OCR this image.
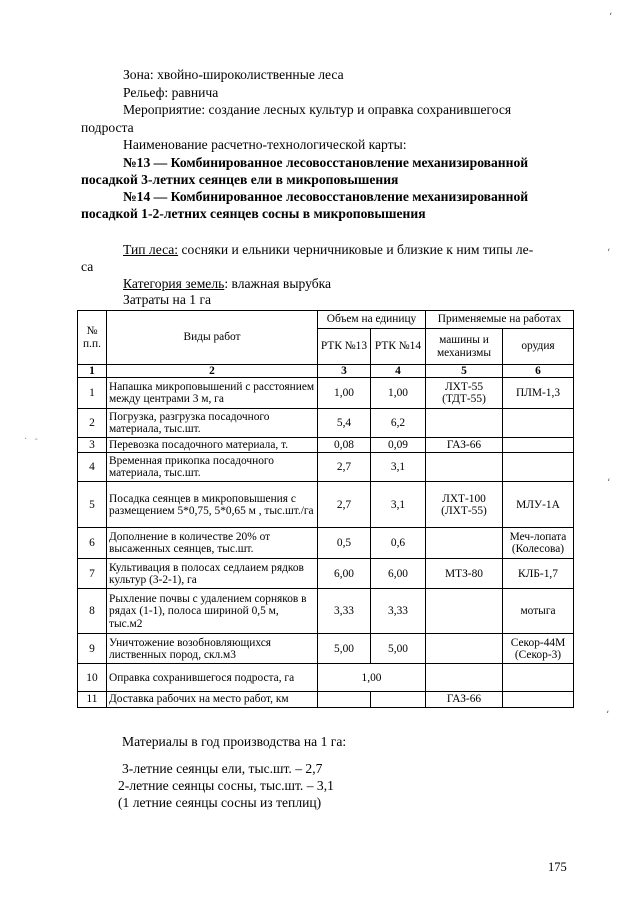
Зона: хвойно-широколиственные леса
Рельеф: равнича
Мероприятие: создание лесных культур и оправка сохранившегося
подроста
Наименование расчетно-технологической карты:
№13 — Комбинированное лесовосстановление механизированной
посадкой 3-летних сеянцев ели в микроповышения
№14 — Комбинированное лесовосстановление механизированной
посадкой 1-2-летних сеянцев сосны в микроповышения
Тип леса: сосняки и ельники черничниковые и близкие к ним типы ле-
са
Категория земель: влажная вырубка
Затраты на 1 га
№ п.п.	Виды работ	Объем на единицу		Применяемые на работах	
		РТК №13	РТК №14	машины и механизмы	орудия
1	2	3	4	5	6
1	Напашка микроповышений с расстоянием между центрами 3 м, га	1,00	1,00	ЛХТ-55 (ТДТ-55)	ПЛМ-1,3
2	Погрузка, разгрузка посадочного материала, тыс.шт.	5,4	6,2		
3	Перевозка посадочного материала, т.	0,08	0,09	ГАЗ-66	
4	Временная прикопка посадочного материала, тыс.шт.	2,7	3,1		
5	Посадка сеянцев в микроповышения с размещением 5*0,75, 5*0,65 м , тыс.шт./га	2,7	3,1	ЛХТ-100 (ЛХТ-55)	МЛУ-1А
6	Дополнение в количестве 20% от высаженных сеянцев, тыс.шт.	0,5	0,6		Меч-лопата (Колесова)
7	Культивация в полосах седлаием рядков культур (3-2-1), га	6,00	6,00	МТЗ-80	КЛБ-1,7
8	Рыхление почвы с удалением сорняков в рядах (1-1), полоса шириной 0,5 м, тыс.м2	3,33	3,33		мотыга
9	Уничтожение возобновляющихся лиственных пород, скл.м3	5,00	5,00		Секор-44М (Секор-3)
10	Оправка сохранившегося подроста, га	1,00			
11	Доставка рабочих на место работ, км			ГАЗ-66	
Материалы в год производства на 1 га:
3-летние сеянцы ели, тыс.шт. – 2,7
2-летние сеянцы сосны, тыс.шт. – 3,1
(1 летние сеянцы сосны из теплиц)
175
ʻ
ʻ
ʻ
ʻ
· -
